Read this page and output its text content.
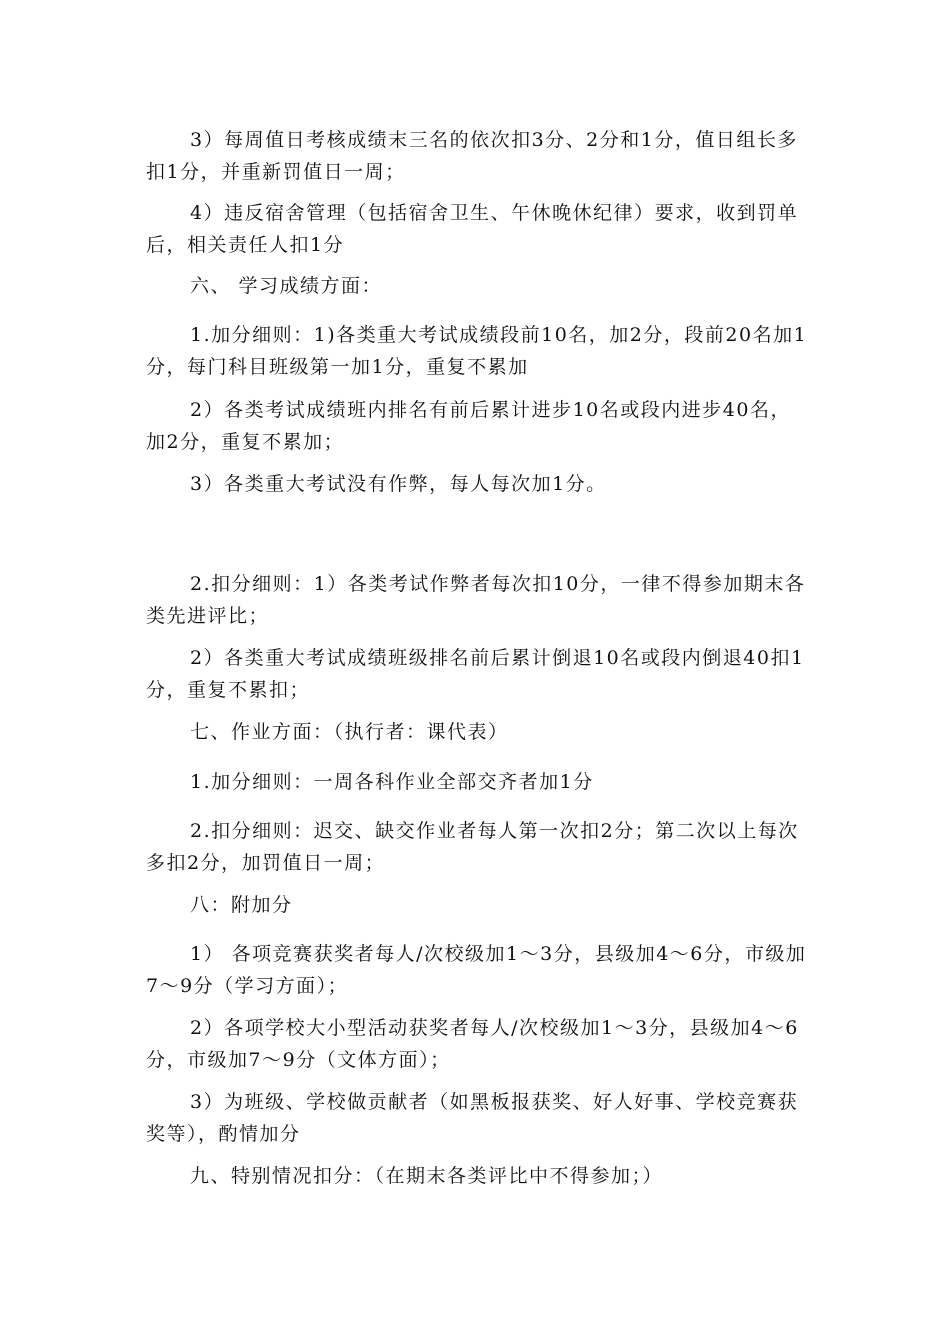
3）每周值日考核成绩末三名的依次扣3分、2分和1分，值日组长多扣1分，并重新罚值日一周；

4）违反宿舍管理（包括宿舍卫生、午休晚休纪律）要求，收到罚单后，相关责任人扣1分

六、 学习成绩方面：

1.加分细则：1)各类重大考试成绩段前10名，加2分，段前20名加1分，每门科目班级第一加1分，重复不累加

2）各类考试成绩班内排名有前后累计进步10名或段内进步40名，加2分，重复不累加；

3）各类重大考试没有作弊，每人每次加1分。

2.扣分细则：1）各类考试作弊者每次扣10分，一律不得参加期末各类先进评比；

2）各类重大考试成绩班级排名前后累计倒退10名或段内倒退40扣1分，重复不累扣；

七、作业方面：（执行者：课代表）

1.加分细则：一周各科作业全部交齐者加1分

2.扣分细则：迟交、缺交作业者每人第一次扣2分；第二次以上每次多扣2分，加罚值日一周；

八：附加分

1） 各项竞赛获奖者每人/次校级加1～3分，县级加4～6分，市级加7～9分（学习方面）；

2）各项学校大小型活动获奖者每人/次校级加1～3分，县级加4～6分，市级加7～9分（文体方面）；

3）为班级、学校做贡献者（如黑板报获奖、好人好事、学校竞赛获奖等），酌情加分

九、特别情况扣分：（在期末各类评比中不得参加；）
